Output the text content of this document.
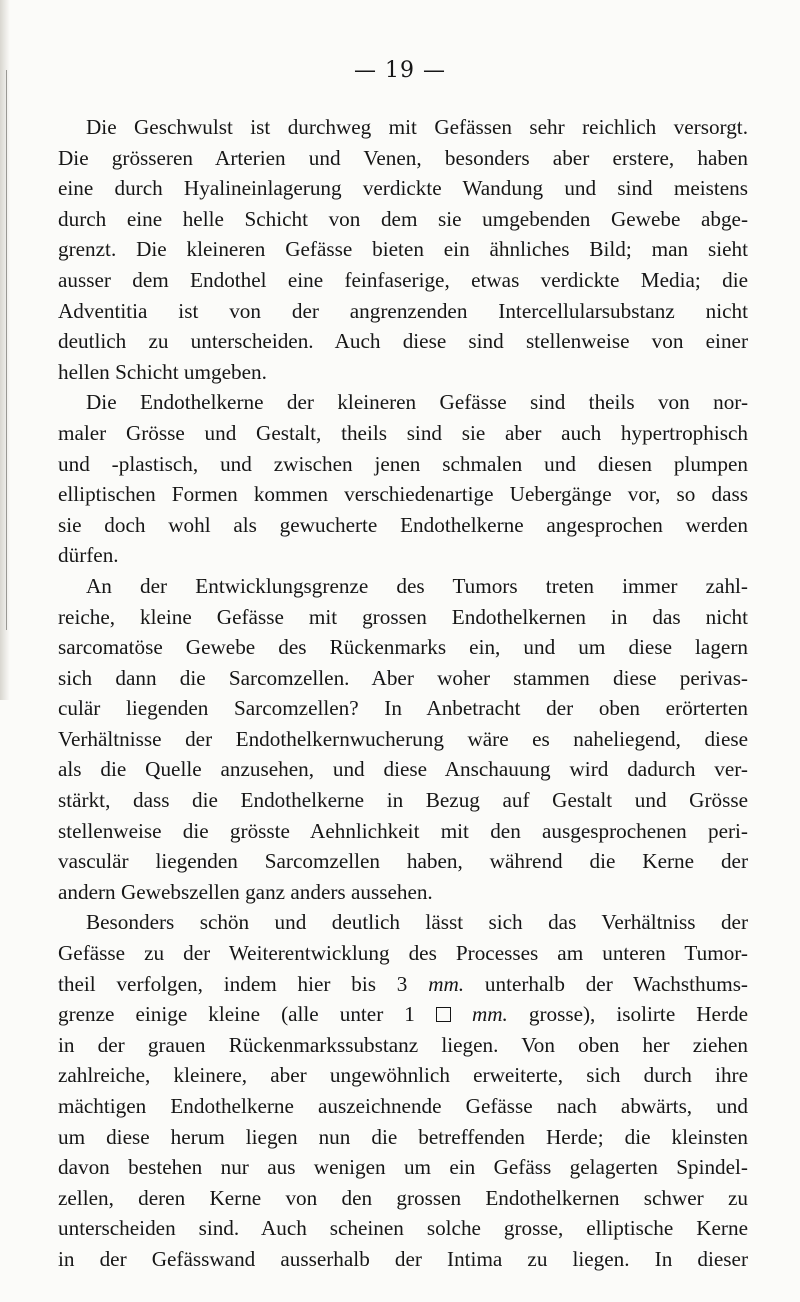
— 19 —
Die Geschwulst ist durchweg mit Gefässen sehr reichlich versorgt.
Die grösseren Arterien und Venen, besonders aber erstere, haben
eine durch Hyalineinlagerung verdickte Wandung und sind meistens
durch eine helle Schicht von dem sie umgebenden Gewebe abge-
grenzt. Die kleineren Gefässe bieten ein ähnliches Bild; man sieht
ausser dem Endothel eine feinfaserige, etwas verdickte Media; die
Adventitia ist von der angrenzenden Intercellularsubstanz nicht
deutlich zu unterscheiden. Auch diese sind stellenweise von einer
hellen Schicht umgeben.
Die Endothelkerne der kleineren Gefässe sind theils von nor-
maler Grösse und Gestalt, theils sind sie aber auch hypertrophisch
und -plastisch, und zwischen jenen schmalen und diesen plumpen
elliptischen Formen kommen verschiedenartige Uebergänge vor, so dass
sie doch wohl als gewucherte Endothelkerne angesprochen werden
dürfen.
An der Entwicklungsgrenze des Tumors treten immer zahl-
reiche, kleine Gefässe mit grossen Endothelkernen in das nicht
sarcomatöse Gewebe des Rückenmarks ein, und um diese lagern
sich dann die Sarcomzellen. Aber woher stammen diese perivas-
culär liegenden Sarcomzellen? In Anbetracht der oben erörterten
Verhältnisse der Endothelkernwucherung wäre es naheliegend, diese
als die Quelle anzusehen, und diese Anschauung wird dadurch ver-
stärkt, dass die Endothelkerne in Bezug auf Gestalt und Grösse
stellenweise die grösste Aehnlichkeit mit den ausgesprochenen peri-
vasculär liegenden Sarcomzellen haben, während die Kerne der
andern Gewebszellen ganz anders aussehen.
Besonders schön und deutlich lässt sich das Verhältniss der
Gefässe zu der Weiterentwicklung des Processes am unteren Tumor-
theil verfolgen, indem hier bis 3 mm. unterhalb der Wachsthums-
grenze einige kleine (alle unter 1  mm. grosse), isolirte Herde
in der grauen Rückenmarkssubstanz liegen. Von oben her ziehen
zahlreiche, kleinere, aber ungewöhnlich erweiterte, sich durch ihre
mächtigen Endothelkerne auszeichnende Gefässe nach abwärts, und
um diese herum liegen nun die betreffenden Herde; die kleinsten
davon bestehen nur aus wenigen um ein Gefäss gelagerten Spindel-
zellen, deren Kerne von den grossen Endothelkernen schwer zu
unterscheiden sind. Auch scheinen solche grosse, elliptische Kerne
in der Gefässwand ausserhalb der Intima zu liegen. In dieser
